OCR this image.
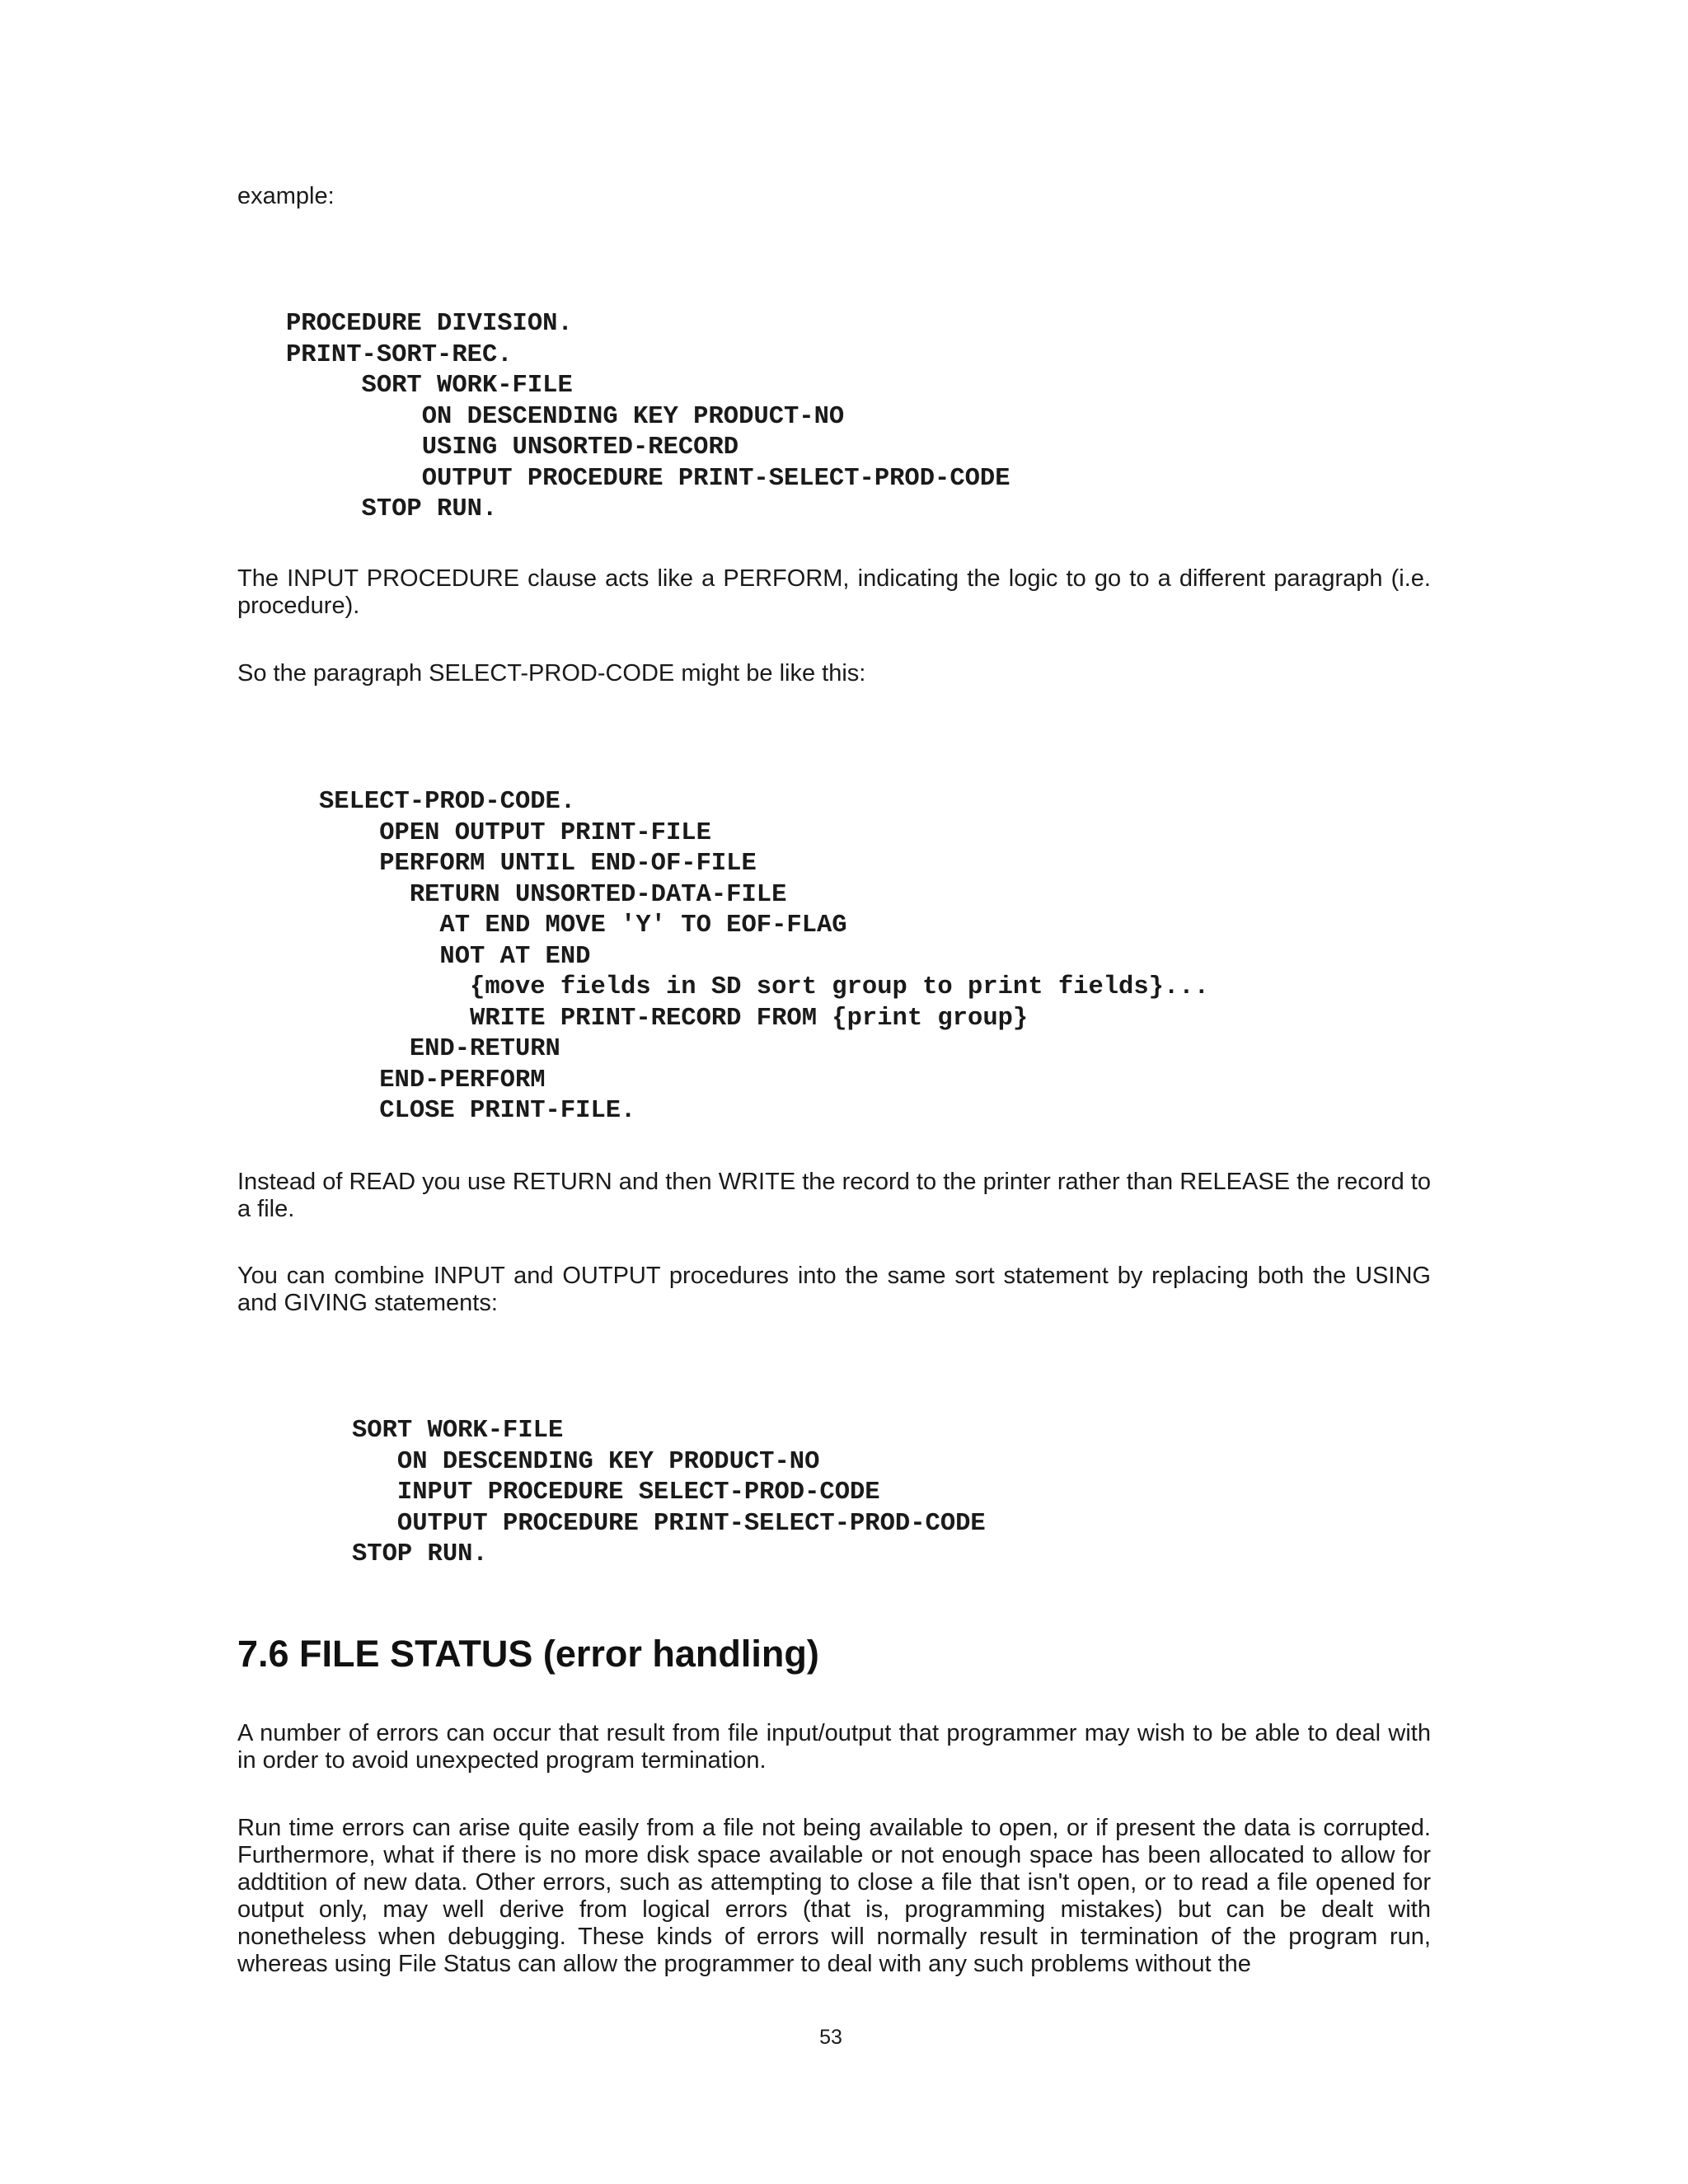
example:

PROCEDURE DIVISION.
PRINT-SORT-REC.
SORT WORK-FILE
ON DESCENDING KEY PRODUCT-NO
USING UNSORTED-RECORD
OUTPUT PROCEDURE PRINT-SELECT-PROD-CODE
STOP RUN.

The INPUT PROCEDURE clause acts like a PERFORM, indicating the logic to go to a different paragraph (i.e. procedure).

So the paragraph SELECT-PROD-CODE might be like this:

SELECT-PROD-CODE.
OPEN OUTPUT PRINT-FILE
PERFORM UNTIL END-OF-FILE
RETURN UNSORTED-DATA-FILE
AT END MOVE 'Y' TO EOF-FLAG
NOT AT END
{move fields in SD sort group to print fields}...
WRITE PRINT-RECORD FROM {print group}
END-RETURN
END-PERFORM
CLOSE PRINT-FILE.

Instead of READ you use RETURN and then WRITE the record to the printer rather than RELEASE the record to a file.

You can combine INPUT and OUTPUT procedures into the same sort statement by replacing both the USING and GIVING statements:

SORT WORK-FILE
ON DESCENDING KEY PRODUCT-NO
INPUT PROCEDURE SELECT-PROD-CODE
OUTPUT PROCEDURE PRINT-SELECT-PROD-CODE
STOP RUN.
7.6 FILE STATUS (error handling)

A number of errors can occur that result from file input/output that programmer may wish to be able to deal with in order to avoid unexpected program termination.

Run time errors can arise quite easily from a file not being available to open, or if present the data is corrupted. Furthermore, what if there is no more disk space available or not enough space has been allocated to allow for addtition of new data. Other errors, such as attempting to close a file that isn't open, or to read a file opened for output only, may well derive from logical errors (that is, programming mistakes) but can be dealt with nonetheless when debugging. These kinds of errors will normally result in termination of the program run, whereas using File Status can allow the programmer to deal with any such problems without the

53
